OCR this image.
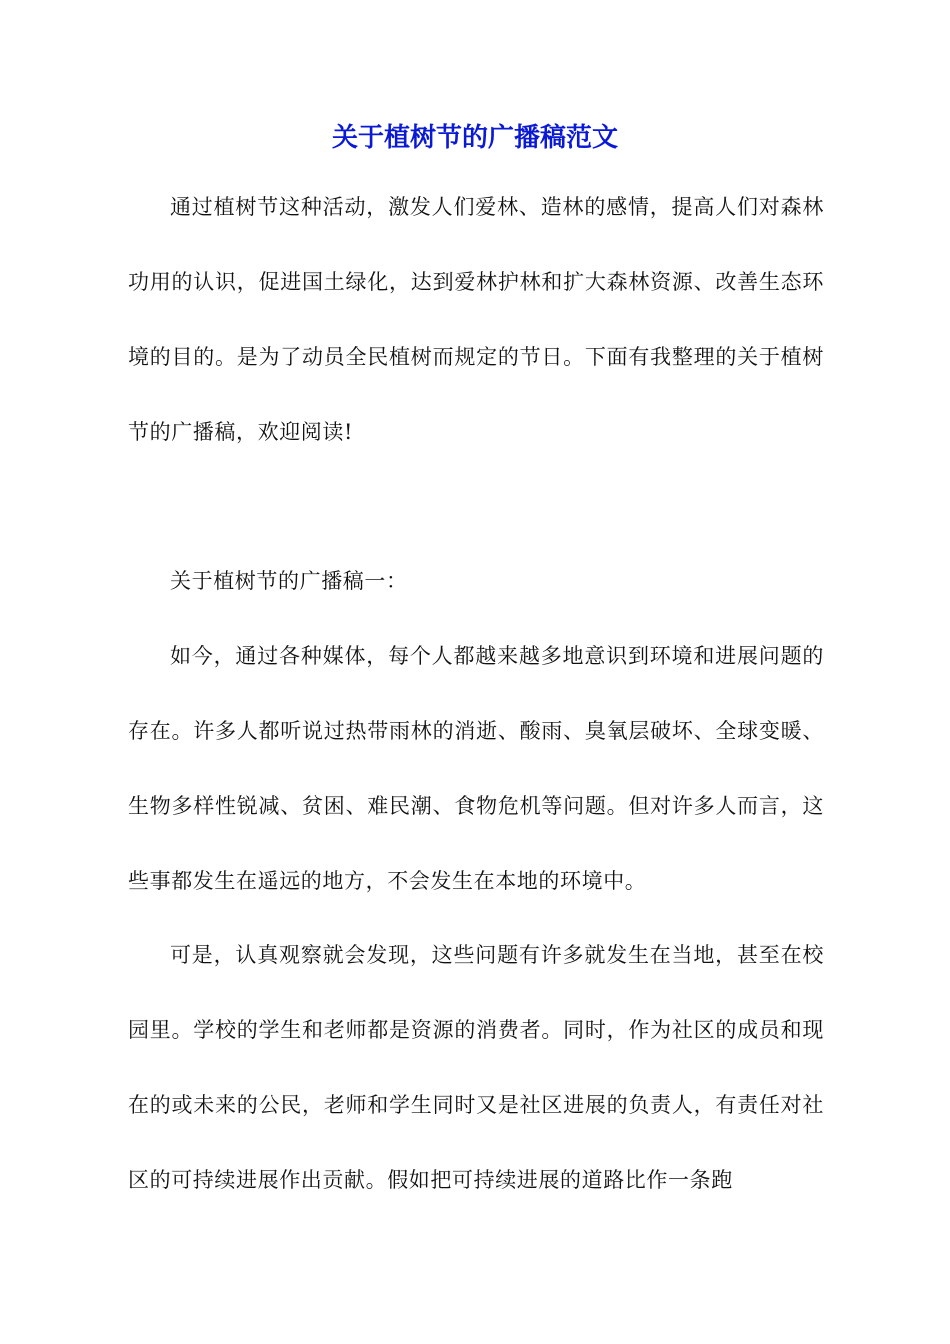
关于植树节的广播稿范文

通过植树节这种活动，激发人们爱林、造林的感情，提高人们对森林功用的认识，促进国土绿化，达到爱林护林和扩大森林资源、改善生态环境的目的。是为了动员全民植树而规定的节日。下面有我整理的关于植树节的广播稿，欢迎阅读!

关于植树节的广播稿一：

如今，通过各种媒体，每个人都越来越多地意识到环境和进展问题的存在。许多人都听说过热带雨林的消逝、酸雨、臭氧层破坏、全球变暖、生物多样性锐减、贫困、难民潮、食物危机等问题。但对许多人而言，这些事都发生在遥远的地方，不会发生在本地的环境中。

可是，认真观察就会发现，这些问题有许多就发生在当地，甚至在校园里。学校的学生和老师都是资源的消费者。同时，作为社区的成员和现在的或未来的公民，老师和学生同时又是社区进展的负责人，有责任对社区的可持续进展作出贡献。假如把可持续进展的道路比作一条跑
